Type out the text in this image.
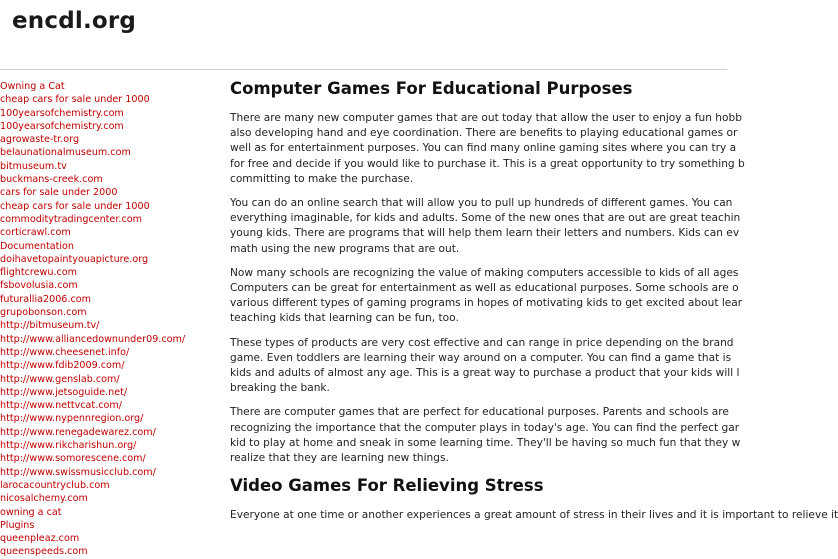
encdl.org
Owning a Cat
cheap cars for sale under 1000
100yearsofchemistry.com
100yearsofchemistry.com
agrowaste-tr.org
belaunationalmuseum.com
bitmuseum.tv
buckmans-creek.com
cars for sale under 2000
cheap cars for sale under 1000
commoditytradingcenter.com
corticrawl.com
Documentation
doihavetopaintyouapicture.org
flightcrewu.com
fsbovolusia.com
futurallia2006.com
grupobonson.com
http://bitmuseum.tv/
http://www.alliancedownunder09.com/
http://www.cheesenet.info/
http://www.fdib2009.com/
http://www.genslab.com/
http://www.jetsoguide.net/
http://www.nettvcat.com/
http://www.nypennregion.org/
http://www.renegadewarez.com/
http://www.rikcharishun.org/
http://www.somorescene.com/
http://www.swissmusicclub.com/
larocacountryclub.com
nicosalchemy.com
owning a cat
Plugins
queenpleaz.com
queenspeeds.com
Computer Games For Educational Purposes

There are many new computer games that are out today that allow the user to enjoy a fun hobb
also developing hand and eye coordination. There are benefits to playing educational games or
well as for entertainment purposes. You can find many online gaming sites where you can try a
for free and decide if you would like to purchase it. This is a great opportunity to try something b
committing to make the purchase.

You can do an online search that will allow you to pull up hundreds of different games. You can
everything imaginable, for kids and adults. Some of the new ones that are out are great teachin
young kids. There are programs that will help them learn their letters and numbers. Kids can ev
math using the new programs that are out.

Now many schools are recognizing the value of making computers accessible to kids of all ages
Computers can be great for entertainment as well as educational purposes. Some schools are o
various different types of gaming programs in hopes of motivating kids to get excited about lear
teaching kids that learning can be fun, too.

These types of products are very cost effective and can range in price depending on the brand
game. Even toddlers are learning their way around on a computer. You can find a game that is
kids and adults of almost any age. This is a great way to purchase a product that your kids will l
breaking the bank.

There are computer games that are perfect for educational purposes. Parents and schools are
recognizing the importance that the computer plays in today's age. You can find the perfect gar
kid to play at home and sneak in some learning time. They'll be having so much fun that they w
realize that they are learning new things.

Video Games For Relieving Stress

Everyone at one time or another experiences a great amount of stress in their lives and it is important to relieve it
